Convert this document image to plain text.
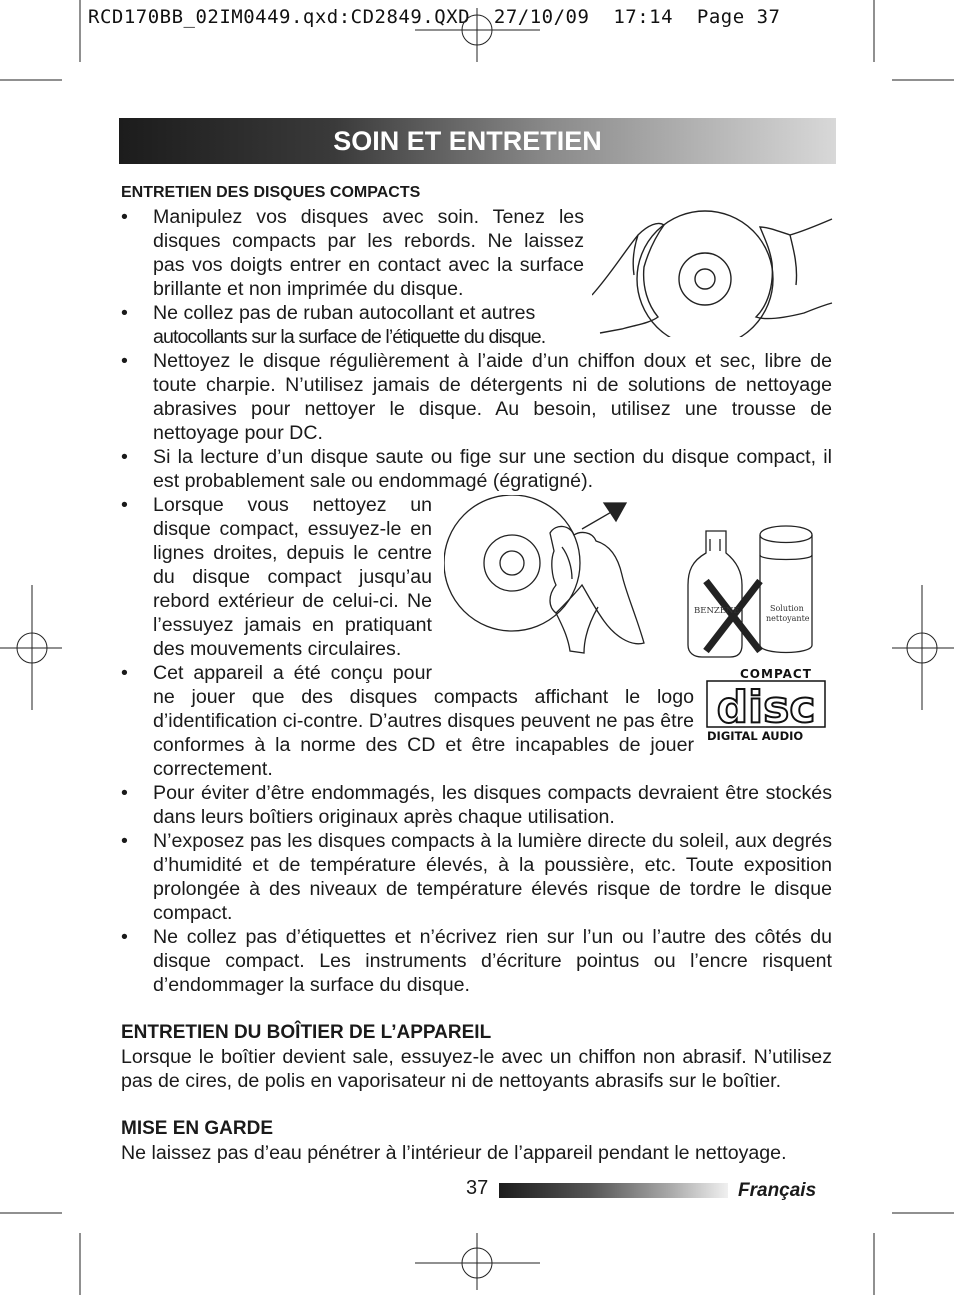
RCD170BB_02IM0449.qxd:CD2849.QXD  27/10/09  17:14  Page 37
SOIN ET ENTRETIEN
ENTRETIEN DES DISQUES COMPACTS
• Manipulez vos disques avec soin. Tenez les disques compacts par les rebords. Ne laissez pas vos doigts entrer en contact avec la surface brillante et non imprimée du disque.
• Ne collez pas de ruban autocollant et autres
autocollants sur la surface de l’étiquette du disque.
• Nettoyez le disque régulièrement à l’aide d’un chiffon doux et sec, libre de toute charpie. N’utilisez jamais de détergents ni de solutions de nettoyage abrasives pour nettoyer le disque. Au besoin, utilisez une trousse de nettoyage pour DC.
• Si la lecture d’un disque saute ou fige sur une section du disque compact, il est probablement sale ou endommagé (égratigné).
BENZÈNE	Solution
nettoyante
• Lorsque vous nettoyez un disque compact, essuyez-le en lignes droites, depuis le centre du disque compact jusqu’au rebord extérieur de celui-ci. Ne l’essuyez jamais en pratiquant des mouvements circulaires.
COMPACT
disc
DIGITAL AUDIO
• Cet appareil a été conçu pour ne jouer que des disques compacts affichant le logo d’identification ci-contre. D’autres disques peuvent ne pas être conformes à la norme des CD et être incapables de jouer correctement.
• Pour éviter d’être endommagés, les disques compacts devraient être stockés dans leurs boîtiers originaux après chaque utilisation.
• N’exposez pas les disques compacts à la lumière directe du soleil, aux degrés d’humidité et de température élevés, à la poussière, etc. Toute exposition prolongée à des niveaux de température élevés risque de tordre le disque compact.
• Ne collez pas d’étiquettes et n’écrivez rien sur l’un ou l’autre des côtés du disque compact. Les instruments d’écriture pointus ou l’encre risquent d’endommager la surface du disque.
ENTRETIEN DU BOÎTIER DE L’APPAREIL

Lorsque le boîtier devient sale, essuyez-le avec un chiffon non abrasif. N’utilisez pas de cires, de polis en vaporisateur ni de nettoyants abrasifs sur le boîtier.

MISE EN GARDE

Ne laissez pas d’eau pénétrer à l’intérieur de l’appareil pendant le nettoyage.

37	Français
